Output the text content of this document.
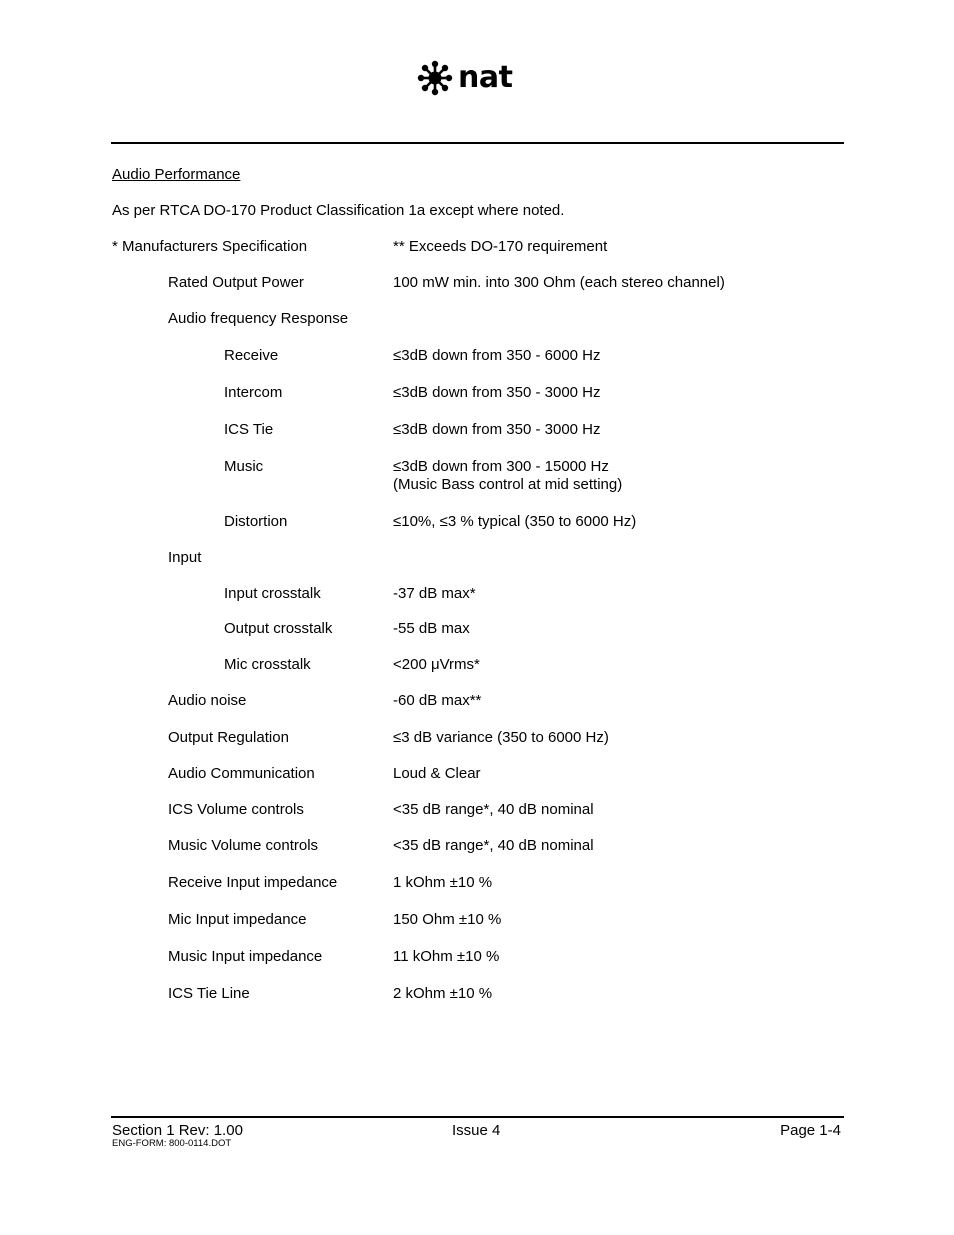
nat
Audio Performance
As per RTCA DO-170 Product Classification 1a except where noted.
* Manufacturers Specification	** Exceeds DO-170 requirement
Rated Output Power	100 mW min. into 300 Ohm (each stereo channel)
Audio frequency Response
Receive	≤3dB down from 350 - 6000 Hz
Intercom	≤3dB down from 350 - 3000 Hz
ICS Tie	≤3dB down from 350 - 3000 Hz
Music	≤3dB down from 300 - 15000 Hz
(Music Bass control at mid setting)
Distortion	≤10%, ≤3 % typical (350 to 6000 Hz)
Input
Input crosstalk	-37 dB max*
Output crosstalk	-55 dB max
Mic crosstalk	<200 μVrms*
Audio noise	-60 dB max**
Output Regulation	≤3 dB variance (350 to 6000 Hz)
Audio Communication	Loud & Clear
ICS Volume controls	<35 dB range*, 40 dB nominal
Music Volume controls	<35 dB range*, 40 dB nominal
Receive Input impedance	1 kOhm ±10 %
Mic Input impedance	150 Ohm ±10 %
Music Input impedance	11 kOhm ±10 %
ICS Tie Line	2 kOhm ±10 %
Section 1 Rev: 1.00	Issue 4	Page 1-4
ENG-FORM: 800-0114.DOT
